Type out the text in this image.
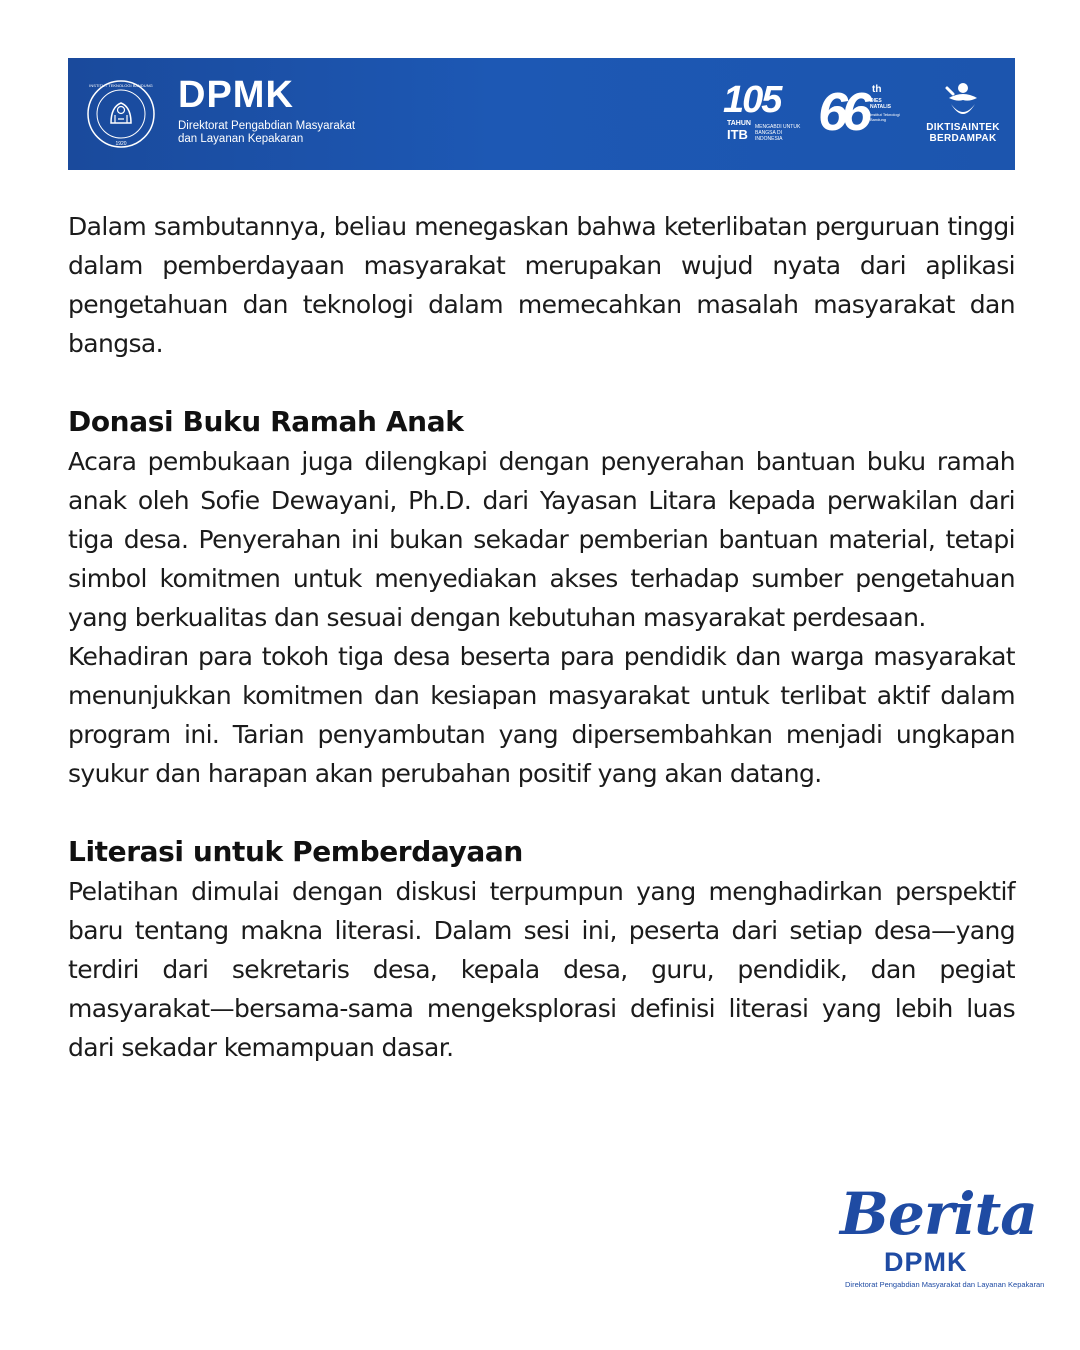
INSTITUT TEKNOLOGI BANDUNG
1920
DPMK
Direktorat Pengabdian Masyarakat
dan Layanan Kepakaran
105
TAHUN
ITB MENGABDI UNTUK BANGSA DI INDONESIA 66 th
DIES NATALIS
Institut Teknologi Bandung
DIKTISAINTEK
BERDAMPAK

Dalam sambutannya, beliau menegaskan bahwa keterlibatan perguruan tinggi dalam pemberdayaan masyarakat merupakan wujud nyata dari aplikasi pengetahuan dan teknologi dalam memecahkan masalah masyarakat dan bangsa.

Donasi Buku Ramah Anak

Acara pembukaan juga dilengkapi dengan penyerahan bantuan buku ramah anak oleh Sofie Dewayani, Ph.D. dari Yayasan Litara kepada perwakilan dari tiga desa. Penyerahan ini bukan sekadar pemberian bantuan material, tetapi simbol komitmen untuk menyediakan akses terhadap sumber pengetahuan yang berkualitas dan sesuai dengan kebutuhan masyarakat perdesaan.

Kehadiran para tokoh tiga desa beserta para pendidik dan warga masyarakat menunjukkan komitmen dan kesiapan masyarakat untuk terlibat aktif dalam program ini. Tarian penyambutan yang dipersembahkan menjadi ungkapan syukur dan harapan akan perubahan positif yang akan datang.

Literasi untuk Pemberdayaan

Pelatihan dimulai dengan diskusi terpumpun yang menghadirkan perspektif baru tentang makna literasi. Dalam sesi ini, peserta dari setiap desa—yang terdiri dari sekretaris desa, kepala desa, guru, pendidik, dan pegiat masyarakat—bersama-sama mengeksplorasi definisi literasi yang lebih luas dari sekadar kemampuan dasar.

Berita
DPMK
Direktorat Pengabdian Masyarakat dan Layanan Kepakaran
